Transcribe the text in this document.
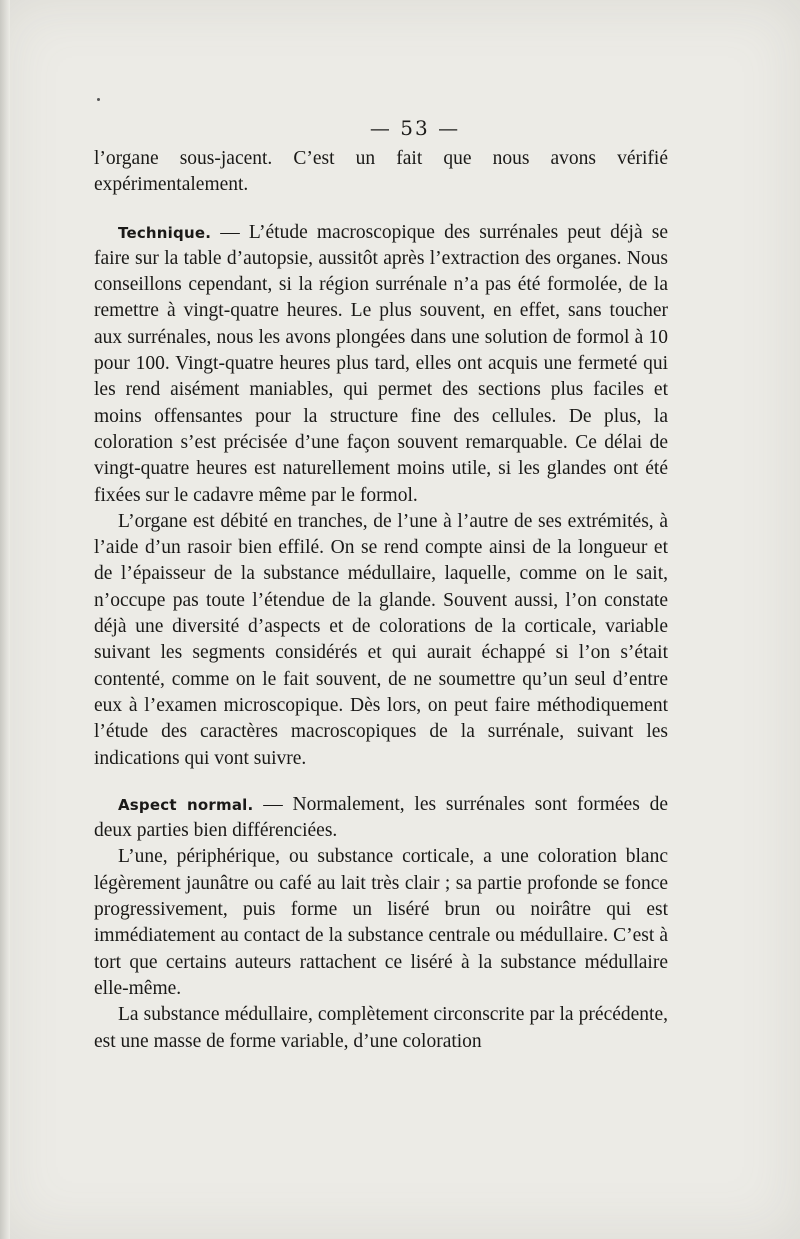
— 53 —

l’organe sous-jacent. C’est un fait que nous avons vérifié expérimentalement.

Technique. — L’étude macroscopique des surrénales peut déjà se faire sur la table d’autopsie, aussitôt après l’extraction des organes. Nous conseillons cependant, si la région surrénale n’a pas été formolée, de la remettre à vingt-quatre heures. Le plus souvent, en effet, sans toucher aux surrénales, nous les avons plongées dans une solution de formol à 10 pour 100. Vingt-quatre heures plus tard, elles ont acquis une fermeté qui les rend aisément maniables, qui permet des sections plus faciles et moins offensantes pour la structure fine des cellules. De plus, la coloration s’est précisée d’une façon souvent remarquable. Ce délai de vingt-quatre heures est naturellement moins utile, si les glandes ont été fixées sur le cadavre même par le formol.

L’organe est débité en tranches, de l’une à l’autre de ses extrémités, à l’aide d’un rasoir bien effilé. On se rend compte ainsi de la longueur et de l’épaisseur de la substance médullaire, laquelle, comme on le sait, n’occupe pas toute l’étendue de la glande. Souvent aussi, l’on constate déjà une diversité d’aspects et de colorations de la corticale, variable suivant les segments considérés et qui aurait échappé si l’on s’était contenté, comme on le fait souvent, de ne soumettre qu’un seul d’entre eux à l’examen microscopique. Dès lors, on peut faire méthodiquement l’étude des caractères macroscopiques de la surrénale, suivant les indications qui vont suivre.

Aspect normal. — Normalement, les surrénales sont formées de deux parties bien différenciées.

L’une, périphérique, ou substance corticale, a une coloration blanc légèrement jaunâtre ou café au lait très clair ; sa partie profonde se fonce progressivement, puis forme un liséré brun ou noirâtre qui est immédiatement au contact de la substance centrale ou médullaire. C’est à tort que certains auteurs rattachent ce liséré à la substance médullaire elle-même.

La substance médullaire, complètement circonscrite par la précédente, est une masse de forme variable, d’une coloration
